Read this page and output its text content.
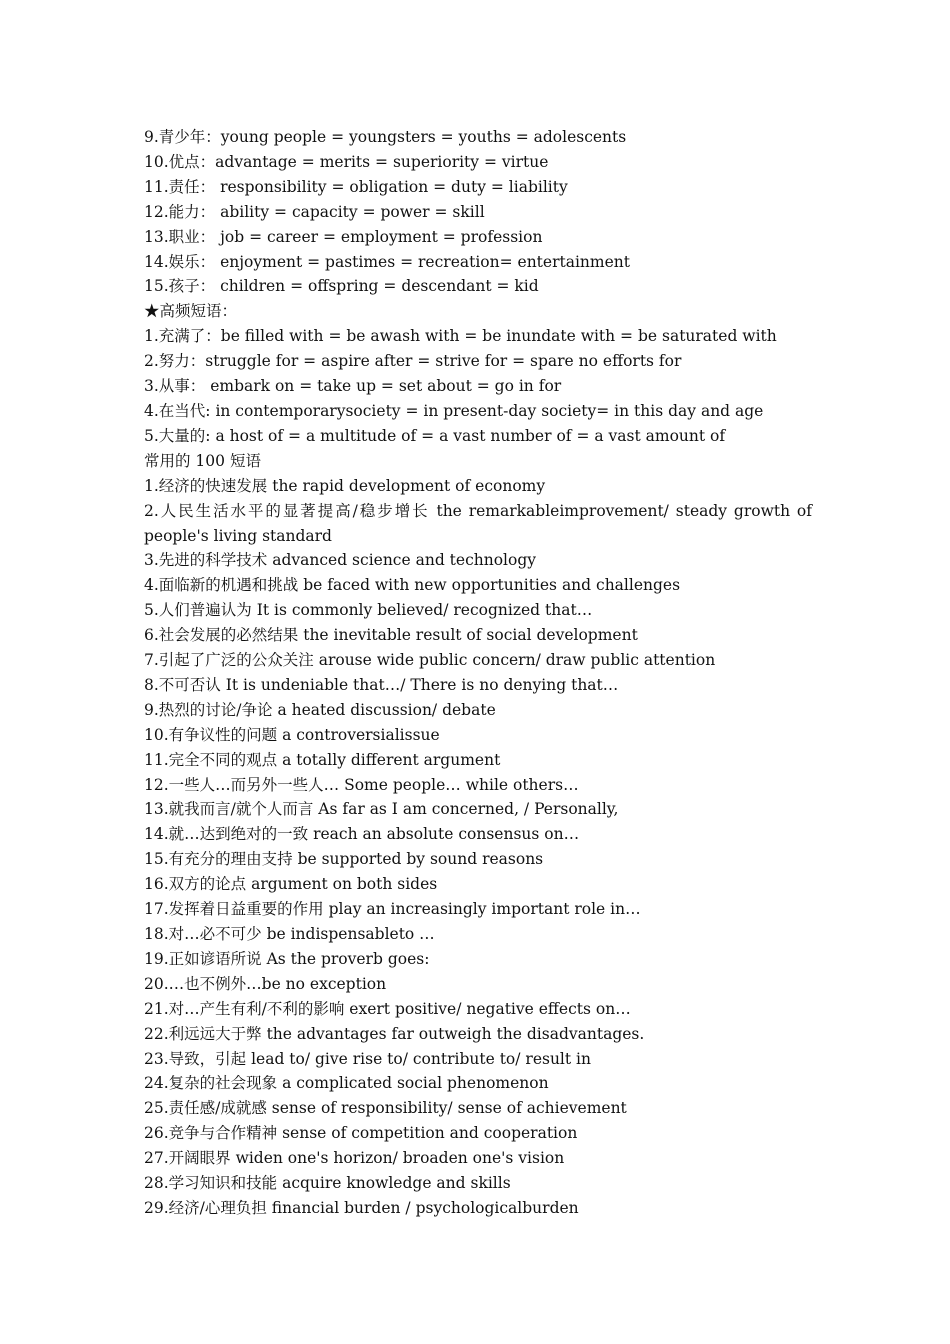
9.青少年：young people = youngsters = youths = adolescents

10.优点：advantage = merits = superiority = virtue

11.责任： responsibility = obligation = duty = liability

12.能力： ability = capacity = power = skill

13.职业： job = career = employment = profession

14.娱乐： enjoyment = pastimes = recreation= entertainment

15.孩子： children = offspring = descendant = kid

★高频短语：

1.充满了：be filled with = be awash with = be inundate with = be saturated with

2.努力：struggle for = aspire after = strive for = spare no efforts for

3.从事： embark on = take up = set about = go in for

4.在当代: in contemporarysociety = in present-day society= in this day and age

5.大量的: a host of = a multitude of = a vast number of = a vast amount of

常用的 100 短语

1.经济的快速发展 the rapid development of economy

2.人民生活水平的显著提高/稳步增长 the remarkableimprovement/ steady growth of people's living standard

3.先进的科学技术 advanced science and technology

4.面临新的机遇和挑战 be faced with new opportunities and challenges

5.人们普遍认为 It is commonly believed/ recognized that…

6.社会发展的必然结果 the inevitable result of social development

7.引起了广泛的公众关注 arouse wide public concern/ draw public attention

8.不可否认 It is undeniable that…/ There is no denying that…

9.热烈的讨论/争论 a heated discussion/ debate

10.有争议性的问题 a controversialissue

11.完全不同的观点 a totally different argument

12.一些人…而另外一些人… Some people… while others…

13.就我而言/就个人而言 As far as I am concerned, / Personally,

14.就…达到绝对的一致 reach an absolute consensus on…

15.有充分的理由支持 be supported by sound reasons

16.双方的论点 argument on both sides

17.发挥着日益重要的作用 play an increasingly important role in…

18.对…必不可少 be indispensableto …

19.正如谚语所说 As the proverb goes:

20.…也不例外…be no exception

21.对…产生有利/不利的影响 exert positive/ negative effects on…

22.利远远大于弊 the advantages far outweigh the disadvantages.

23.导致，引起 lead to/ give rise to/ contribute to/ result in

24.复杂的社会现象 a complicated social phenomenon

25.责任感/成就感 sense of responsibility/ sense of achievement

26.竞争与合作精神 sense of competition and cooperation

27.开阔眼界 widen one's horizon/ broaden one's vision

28.学习知识和技能 acquire knowledge and skills

29.经济/心理负担 financial burden / psychologicalburden
